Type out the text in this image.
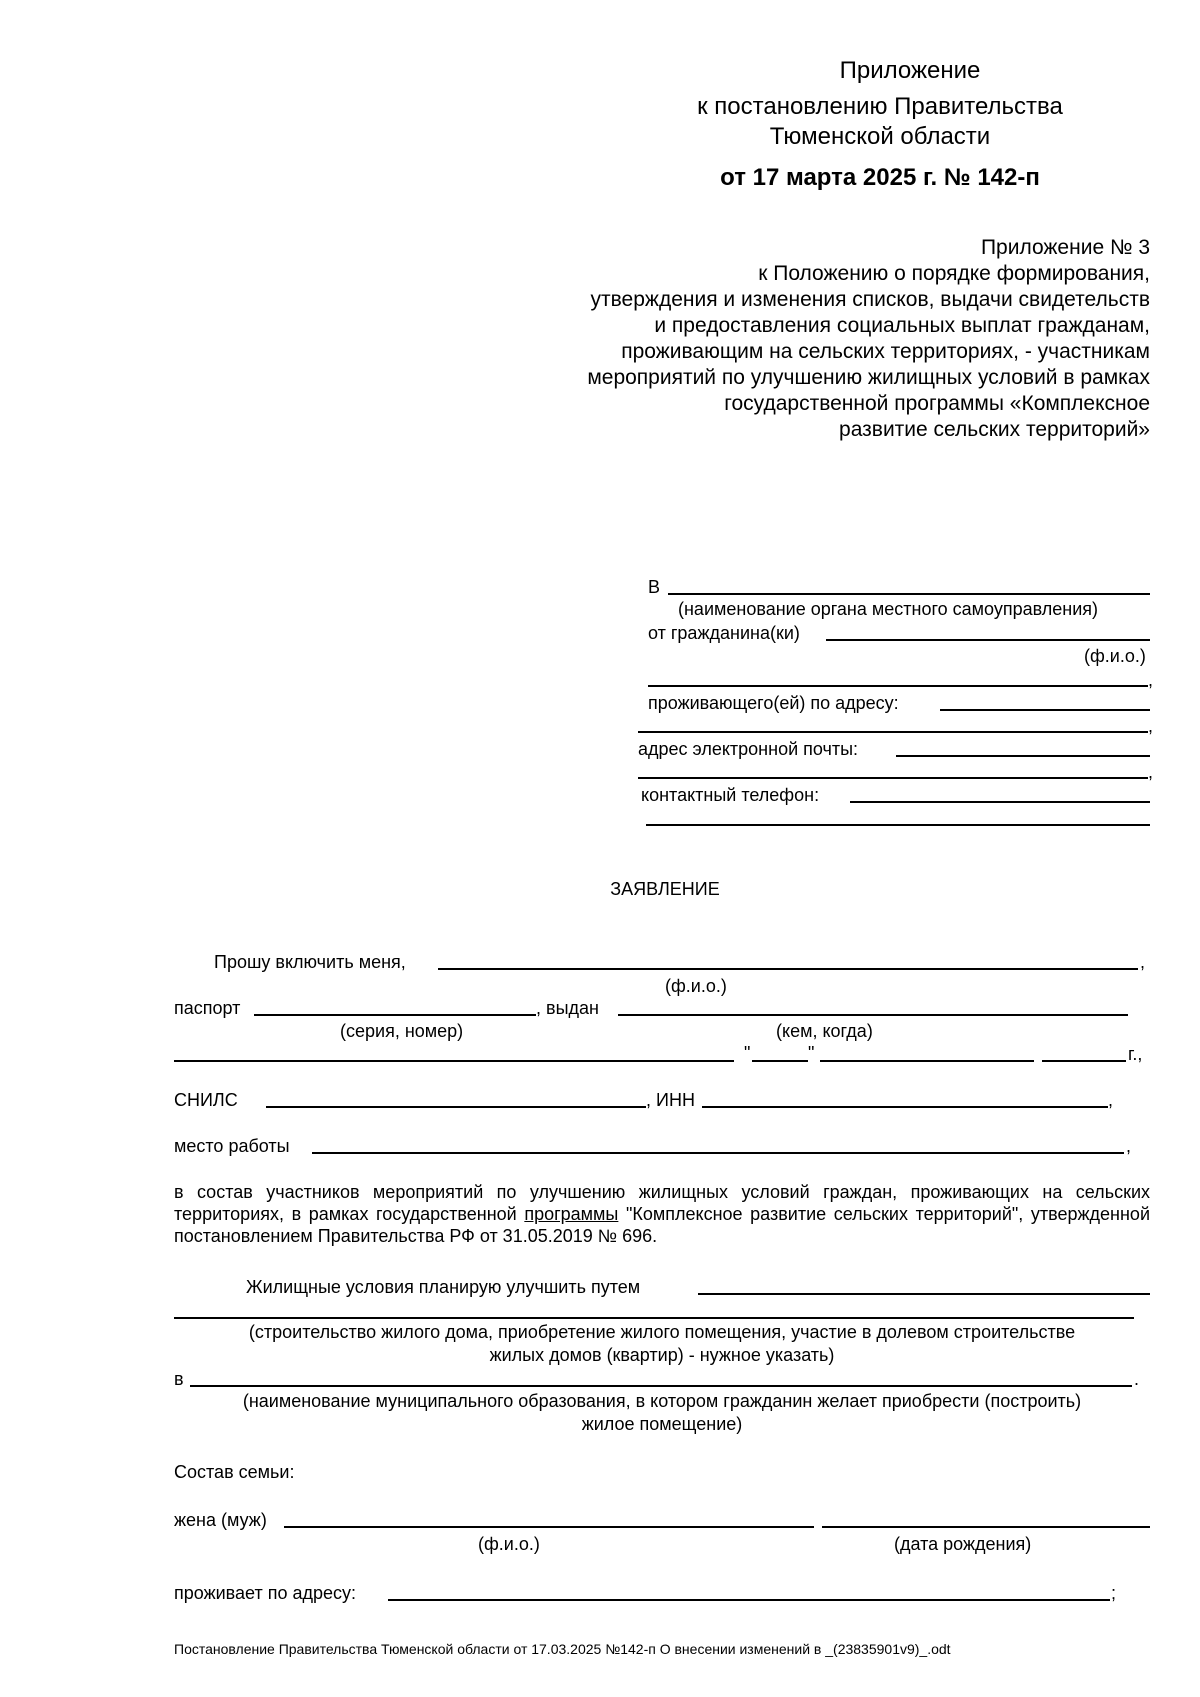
Приложение
к постановлению Правительства
Тюменской области
от 17 марта 2025 г. № 142-п
Приложение № 3
к Положению о порядке формирования,
утверждения и изменения списков, выдачи свидетельств
и предоставления социальных выплат гражданам,
проживающим на сельских территориях, - участникам
мероприятий по улучшению жилищных условий в рамках
государственной программы «Комплексное
развитие сельских территорий»
В
(наименование органа местного самоуправления)
от гражданина(ки)
(ф.и.о.)
,
проживающего(ей) по адресу:
,
адрес электронной почты:
,
контактный телефон:
ЗАЯВЛЕНИЕ
Прошу включить меня,	,
(ф.и.о.)
паспорт	, выдан
(серия, номер)	(кем, когда)
"	"	г.,
СНИЛС	, ИНН	,
место работы	,
в состав участников мероприятий по улучшению жилищных условий граждан, проживающих на сельских территориях, в рамках государственной программы "Комплексное развитие сельских территорий", утвержденной постановлением Правительства РФ от 31.05.2019 № 696.
Жилищные условия планирую улучшить путем
(строительство жилого дома, приобретение жилого помещения, участие в долевом строительстве
жилых домов (квартир) - нужное указать)
в	.
(наименование муниципального образования, в котором гражданин желает приобрести (построить)
жилое помещение)
Состав семьи:
жена (муж)
(ф.и.о.)	(дата рождения)
проживает по адресу:	;
Постановление Правительства Тюменской области от 17.03.2025 №142-п О внесении изменений в _(23835901v9)_.odt
